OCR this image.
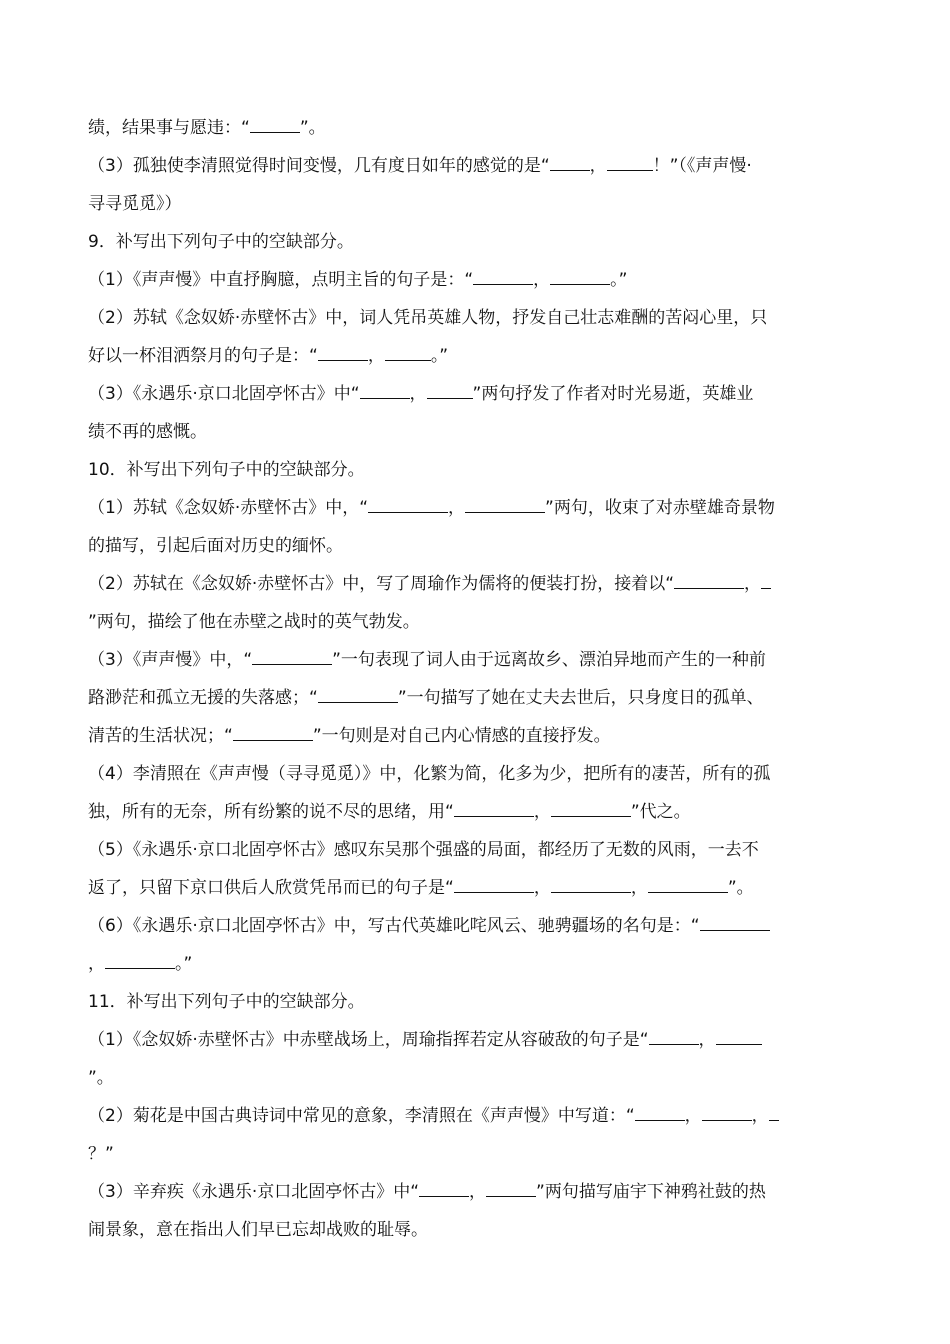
绩，结果事与愿违：“	”。
（3）孤独使李清照觉得时间变慢，几有度日如年的感觉的是“ ，	！”（《声声慢·
寻寻觅觅》）
9．补写出下列句子中的空缺部分。
（1）《声声慢》中直抒胸臆，点明主旨的句子是：“	，	。”
（2）苏轼《念奴娇·赤壁怀古》中，词人凭吊英雄人物，抒发自己壮志难酬的苦闷心里，只
好以一杯泪洒祭月的句子是：“	，	。”
（3）《永遇乐·京口北固亭怀古》中“	，	”两句抒发了作者对时光易逝，英雄业
绩不再的感慨。
10．补写出下列句子中的空缺部分。
（1）苏轼《念奴娇·赤壁怀古》中，“	，	”两句，收束了对赤壁雄奇景物
的描写，引起后面对历史的缅怀。
（2）苏轼在《念奴娇·赤壁怀古》中，写了周瑜作为儒将的便装打扮，接着以“	，
”两句，描绘了他在赤壁之战时的英气勃发。
（3）《声声慢》中，“	”一句表现了词人由于远离故乡、漂泊异地而产生的一种前
路渺茫和孤立无援的失落感；“	”一句描写了她在丈夫去世后，只身度日的孤单、
清苦的生活状况；“	”一句则是对自己内心情感的直接抒发。
（4）李清照在《声声慢（寻寻觅觅）》中，化繁为简，化多为少，把所有的凄苦，所有的孤
独，所有的无奈，所有纷繁的说不尽的思绪，用“	，	”代之。
（5）《永遇乐·京口北固亭怀古》感叹东吴那个强盛的局面，都经历了无数的风雨，一去不
返了，只留下京口供后人欣赏凭吊而已的句子是“	，	，	”。
（6）《永遇乐·京口北固亭怀古》中，写古代英雄叱咤风云、驰骋疆场的名句是：“
，	。”
11．补写出下列句子中的空缺部分。
（1）《念奴娇·赤壁怀古》中赤壁战场上，周瑜指挥若定从容破敌的句子是“	，
”。
（2）菊花是中国古典诗词中常见的意象，李清照在《声声慢》中写道：“	，	，
？”
（3）辛弃疾《永遇乐·京口北固亭怀古》中“	，	”两句描写庙宇下神鸦社鼓的热
闹景象，意在指出人们早已忘却战败的耻辱。
